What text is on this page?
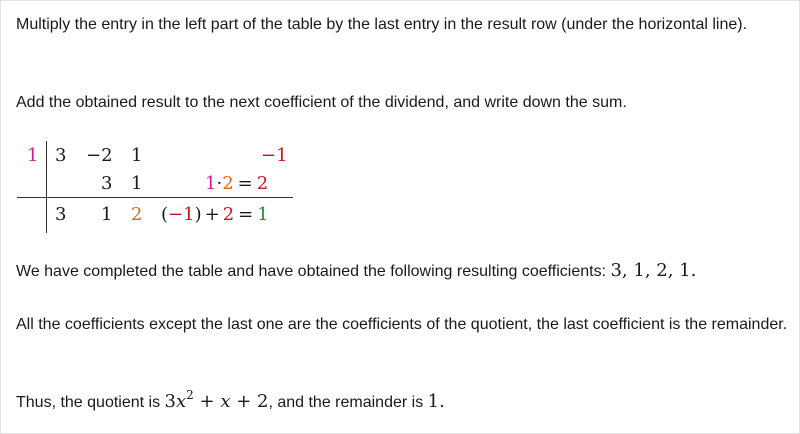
Multiply the entry in the left part of the table by the last entry in the result row (under the horizontal line).

Add the obtained result to the next coefficient of the dividend, and write down the sum.

1 3 −2 1	−1
3 1	1·2 = 2
3 1 2 (−1) + 2 = 1

We have completed the table and have obtained the following resulting coefficients: 3, 1, 2, 1.

All the coefficients except the last one are the coefficients of the quotient, the last coefficient is the remainder.

Thus, the quotient is $3x^2 + x + 2$, and the remainder is 1.
